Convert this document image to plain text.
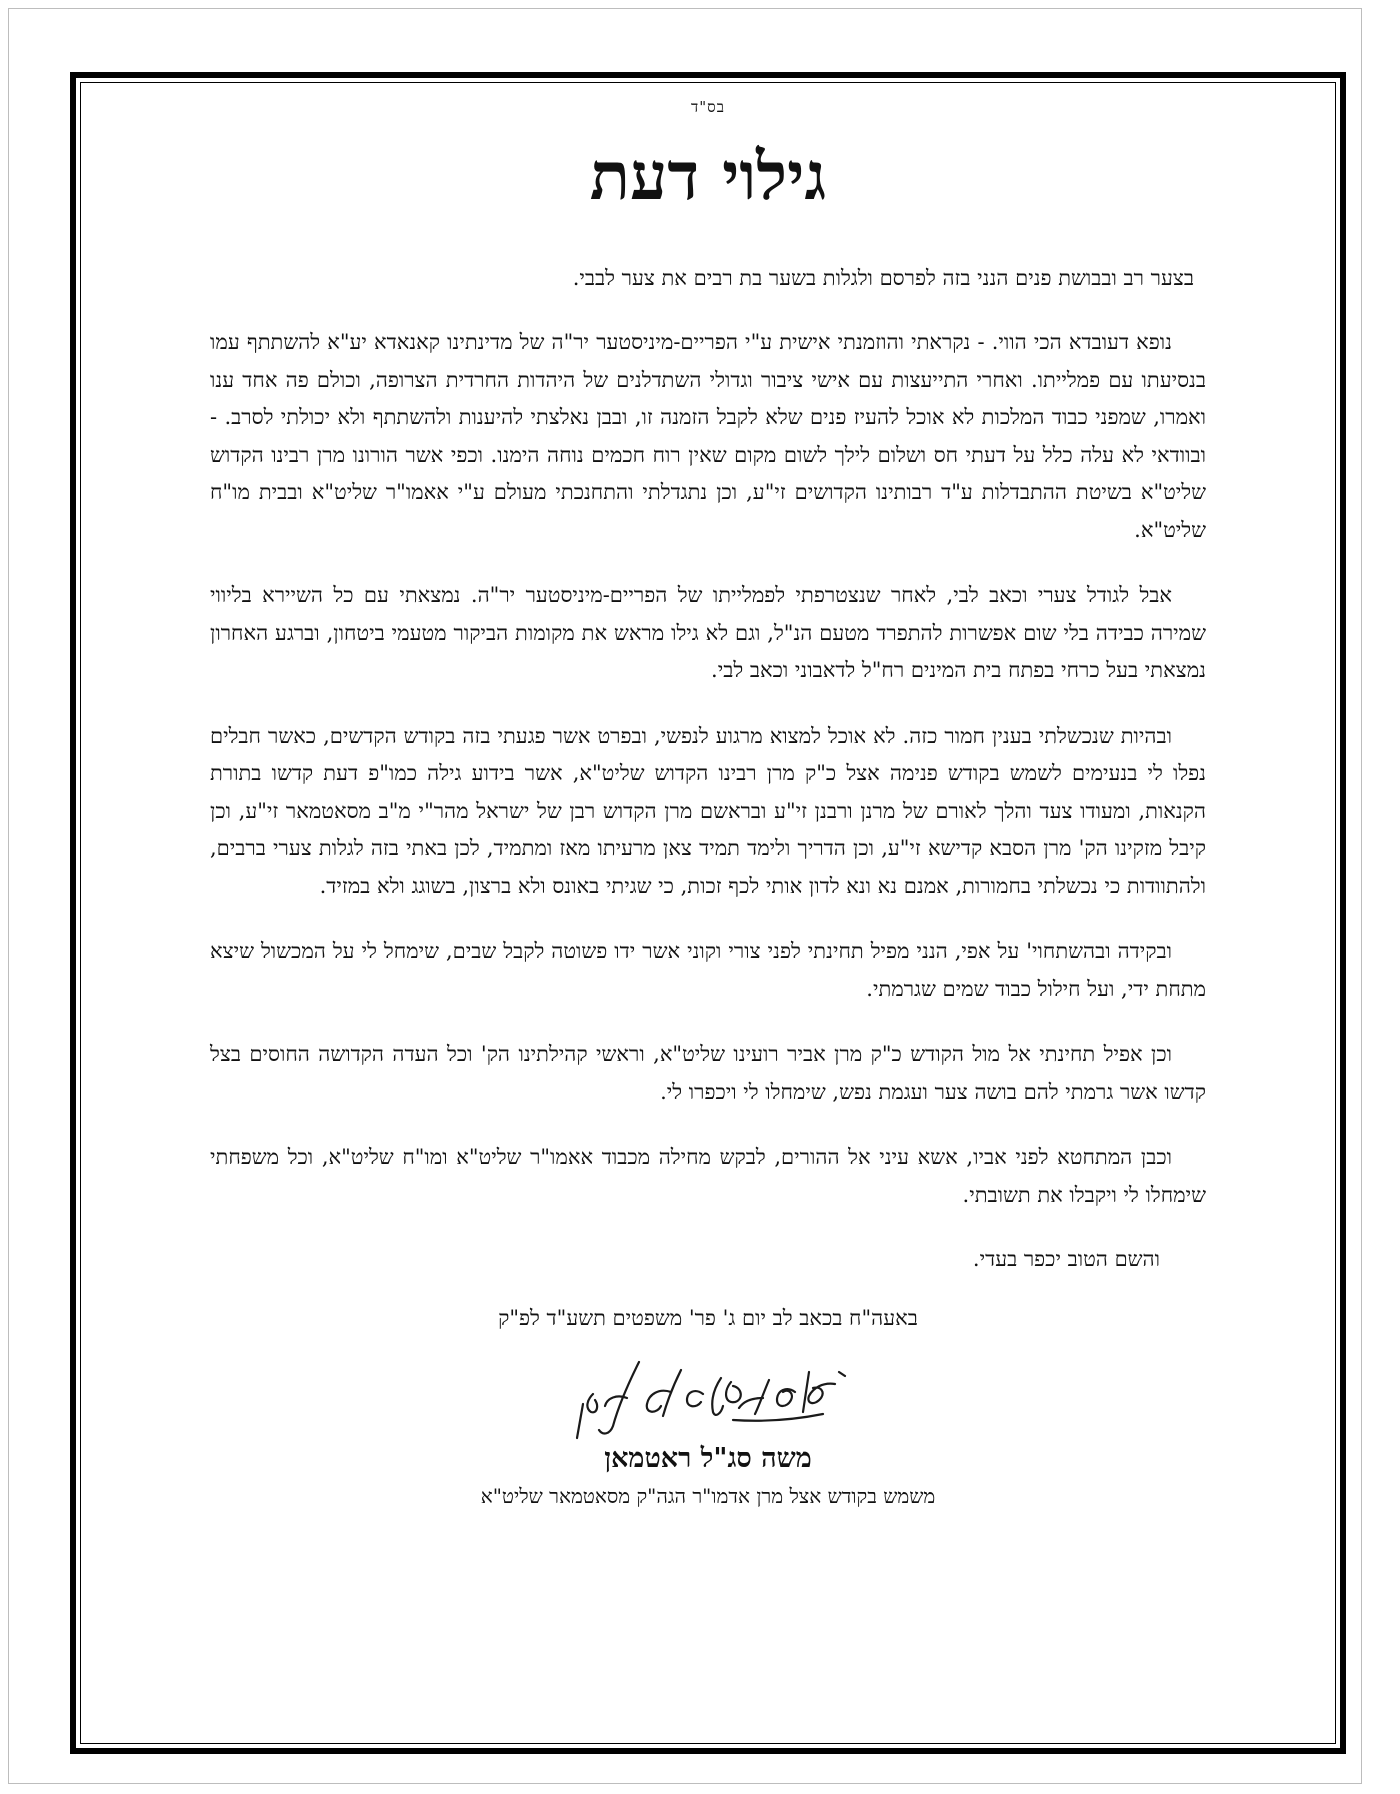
בס"ד
גילוי דעת

בצער רב ובבושת פנים הנני בזה לפרסם ולגלות בשער בת רבים את צער לבבי.

נופא דעובדא הכי הווי. - נקראתי והוזמנתי אישית ע"י הפריים-מיניסטער יר"ה של מדינתינו קאנאדא יע"א להשתתף עמו בנסיעתו עם פמלייתו. ואחרי התייעצות עם אישי ציבור וגדולי השתדלנים של היהדות החרדית הצרופה, וכולם פה אחד ענו ואמרו, שמפני כבוד המלכות לא אוכל להעיז פנים שלא לקבל הזמנה זו, ובבן נאלצתי להיענות ולהשתתף ולא יכולתי לסרב. - ובוודאי לא עלה כלל על דעתי חס ושלום לילך לשום מקום שאין רוח חכמים נוחה הימנו. וכפי אשר הורונו מרן רבינו הקדוש שליט"א בשיטת ההתבדלות ע"ד רבותינו הקדושים זי"ע, וכן נתגדלתי והתחנכתי מעולם ע"י אאמו"ר שליט"א ובבית מו"ח שליט"א.

אבל לגודל צערי וכאב לבי, לאחר שנצטרפתי לפמלייתו של הפריים-מיניסטער יר"ה. נמצאתי עם כל השיירא בליווי שמירה כבידה בלי שום אפשרות להתפרד מטעם הנ"ל, וגם לא גילו מראש את מקומות הביקור מטעמי ביטחון, וברגע האחרון נמצאתי בעל כרחי בפתח בית המינים רח"ל לדאבוני וכאב לבי.

ובהיות שנכשלתי בענין חמור כזה. לא אוכל למצוא מרגוע לנפשי, ובפרט אשר פגעתי בזה בקודש הקדשים, כאשר חבלים נפלו לי בנעימים לשמש בקודש פנימה אצל כ"ק מרן רבינו הקדוש שליט"א, אשר בידוע גילה כמו"פ דעת קדשו בתורת הקנאות, ומעודו צעד והלך לאורם של מרנן ורבנן זי"ע ובראשם מרן הקדוש רבן של ישראל מהר"י מ"ב מסאטמאר זי"ע, וכן קיבל מזקינו הק' מרן הסבא קדישא זי"ע, וכן הדריך ולימד תמיד צאן מרעיתו מאז ומתמיד, לכן באתי בזה לגלות צערי ברבים, ולהתוודות כי נכשלתי בחמורות, אמנם נא ונא לדון אותי לכף זכות, כי שגיתי באונס ולא ברצון, בשוגג ולא במזיד.

ובקידה ובהשתחוי' על אפי, הנני מפיל תחינתי לפני צורי וקוני אשר ידו פשוטה לקבל שבים, שימחל לי על המכשול שיצא מתחת ידי, ועל חילול כבוד שמים שגרמתי.

וכן אפיל תחינתי אל מול הקודש כ"ק מרן אביר רועינו שליט"א, וראשי קהילתינו הק' וכל העדה הקדושה החוסים בצל קדשו אשר גרמתי להם בושה צער ועגמת נפש, שימחלו לי ויכפרו לי.

וכבן המתחטא לפני אביו, אשא עיני אל ההורים, לבקש מחילה מכבוד אאמו"ר שליט"א ומו"ח שליט"א, וכל משפחתי שימחלו לי ויקבלו את תשובתי.

והשם הטוב יכפר בעדי.

באעה"ח בכאב לב יום ג' פר' משפטים תשע"ד לפ"ק

משה סג"ל ראטמאן

משמש בקודש אצל מרן אדמו"ר הגה"ק מסאטמאר שליט"א
